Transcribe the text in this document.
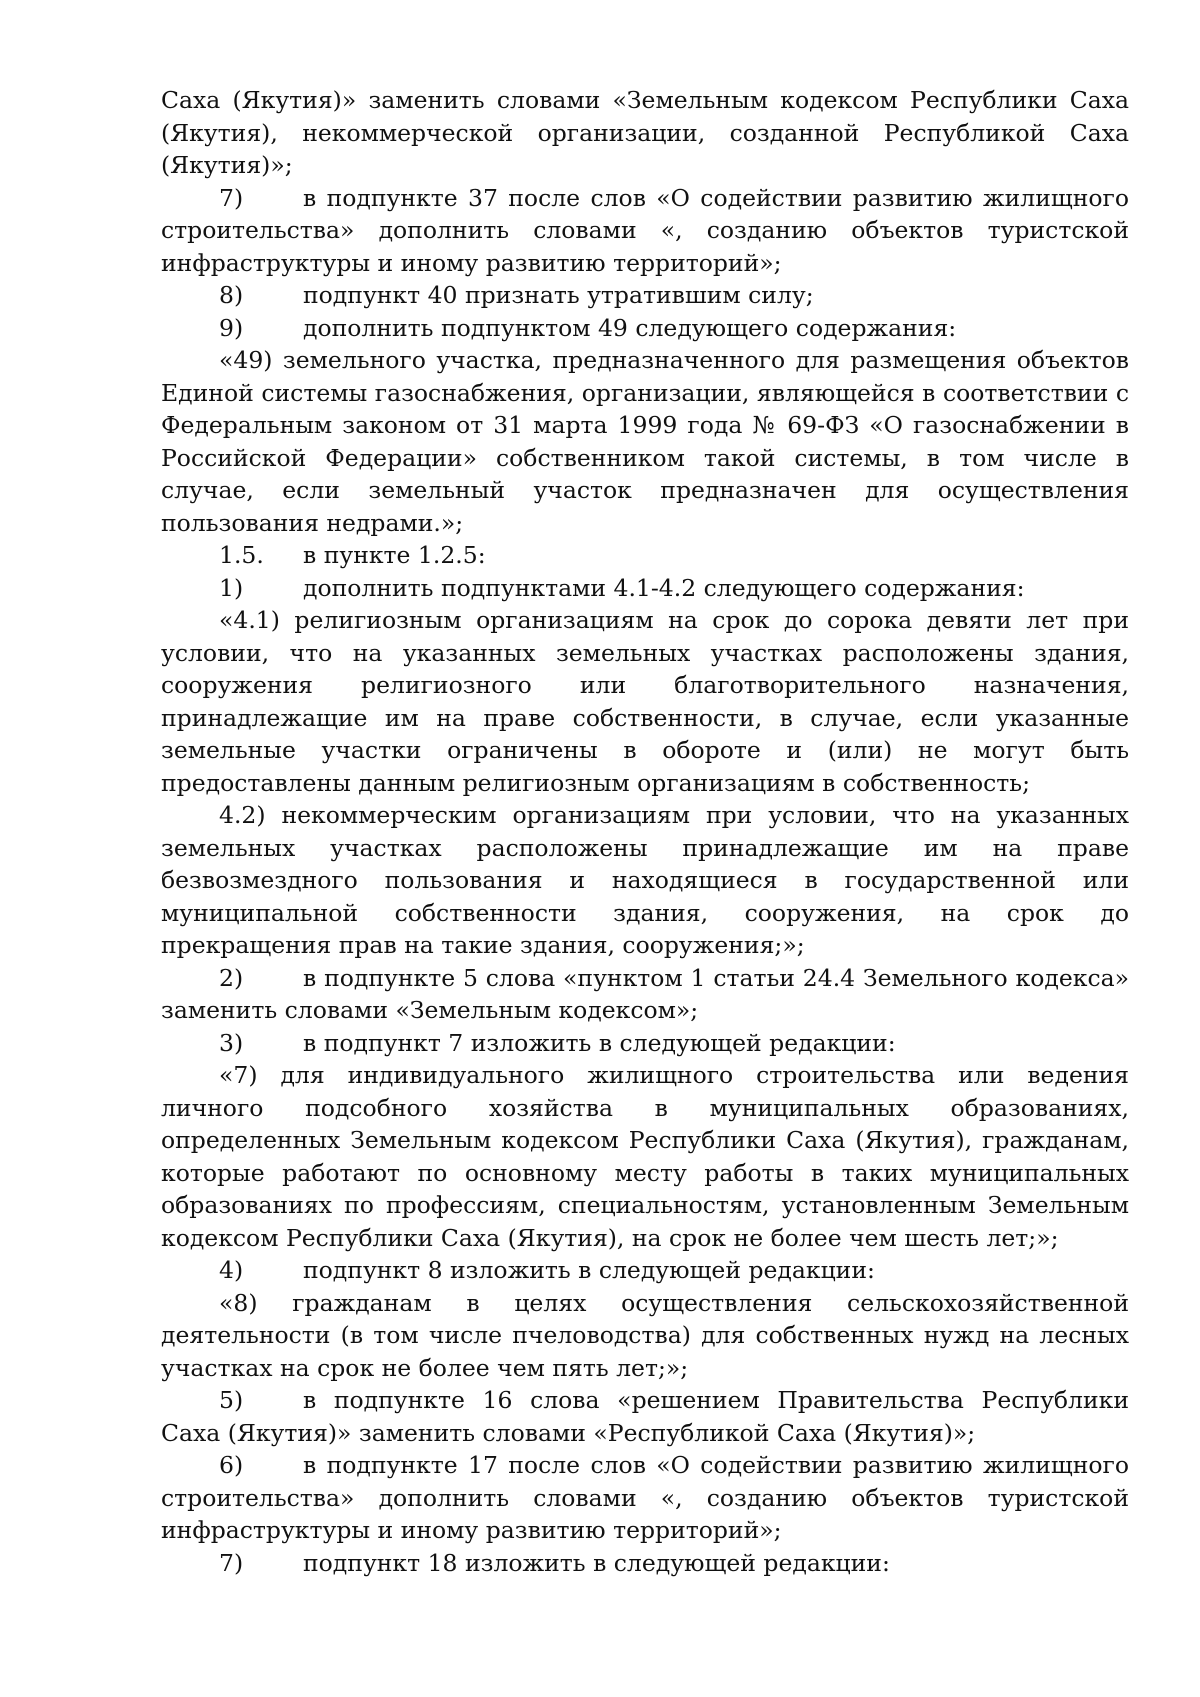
Саха (Якутия)» заменить словами «Земельным кодексом Республики Саха (Якутия), некоммерческой организации, созданной Республикой Саха (Якутия)»;

7)	в подпункте 37 после слов «О содействии развитию жилищного строительства» дополнить словами «, созданию объектов туристской инфраструктуры и иному развитию территорий»;

8)	подпункт 40 признать утратившим силу;
9)	дополнить подпунктом 49 следующего содержания:

«49) земельного участка, предназначенного для размещения объектов Единой системы газоснабжения, организации, являющейся в соответствии с Федеральным законом от 31 марта 1999 года № 69-ФЗ «О газоснабжении в Российской Федерации» собственником такой системы, в том числе в случае, если земельный участок предназначен для осуществления пользования недрами.»;

1.5.	в пункте 1.2.5:
1)	дополнить подпунктами 4.1-4.2 следующего содержания:

«4.1) религиозным организациям на срок до сорока девяти лет при условии, что на указанных земельных участках расположены здания, сооружения религиозного или благотворительного назначения, принадлежащие им на праве собственности, в случае, если указанные земельные участки ограничены в обороте и (или) не могут быть предоставлены данным религиозным организациям в собственность;

4.2) некоммерческим организациям при условии, что на указанных земельных участках расположены принадлежащие им на праве безвозмездного пользования и находящиеся в государственной или муниципальной собственности здания, сооружения, на срок до прекращения прав на такие здания, сооружения;»;

2)	в подпункте 5 слова «пунктом 1 статьи 24.4 Земельного кодекса» заменить словами «Земельным кодексом»;

3)	в подпункт 7 изложить в следующей редакции:

«7) для индивидуального жилищного строительства или ведения личного подсобного хозяйства в муниципальных образованиях, определенных Земельным кодексом Республики Саха (Якутия), гражданам, которые работают по основному месту работы в таких муниципальных образованиях по профессиям, специальностям, установленным Земельным кодексом Республики Саха (Якутия), на срок не более чем шесть лет;»;

4)	подпункт 8 изложить в следующей редакции:

«8) гражданам в целях осуществления сельскохозяйственной деятельности (в том числе пчеловодства) для собственных нужд на лесных участках на срок не более чем пять лет;»;

5)	в подпункте 16 слова «решением Правительства Республики Саха (Якутия)» заменить словами «Республикой Саха (Якутия)»;

6)	в подпункте 17 после слов «О содействии развитию жилищного строительства» дополнить словами «, созданию объектов туристской инфраструктуры и иному развитию территорий»;

7)	подпункт 18 изложить в следующей редакции:
